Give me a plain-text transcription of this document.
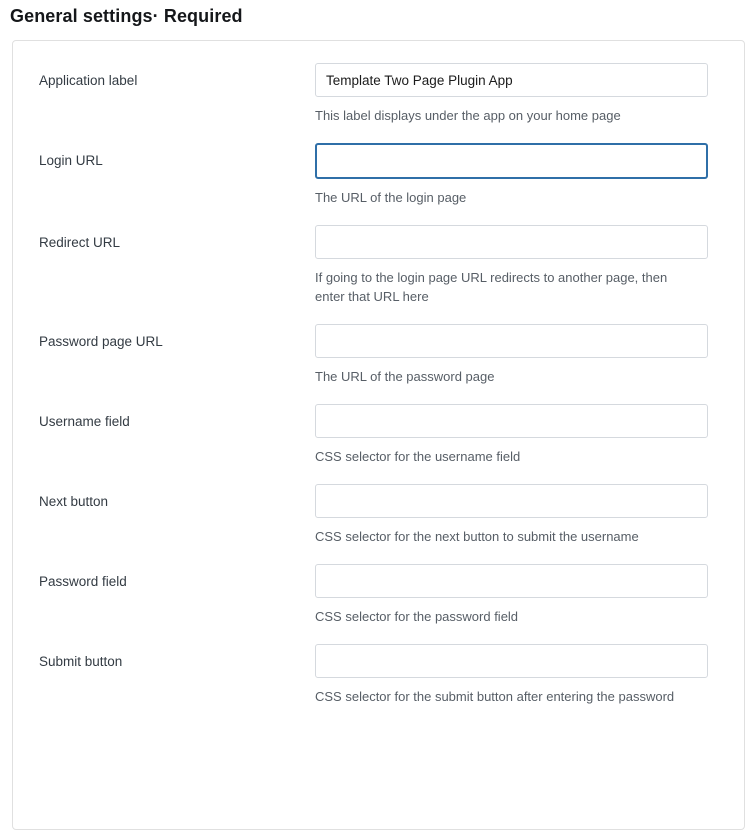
General settings· Required
Application label
Template Two Page Plugin App
This label displays under the app on your home page
Login URL
The URL of the login page
Redirect URL
If going to the login page URL redirects to another page, then enter that URL here
Password page URL
The URL of the password page
Username field
CSS selector for the username field
Next button
CSS selector for the next button to submit the username
Password field
CSS selector for the password field
Submit button
CSS selector for the submit button after entering the password
